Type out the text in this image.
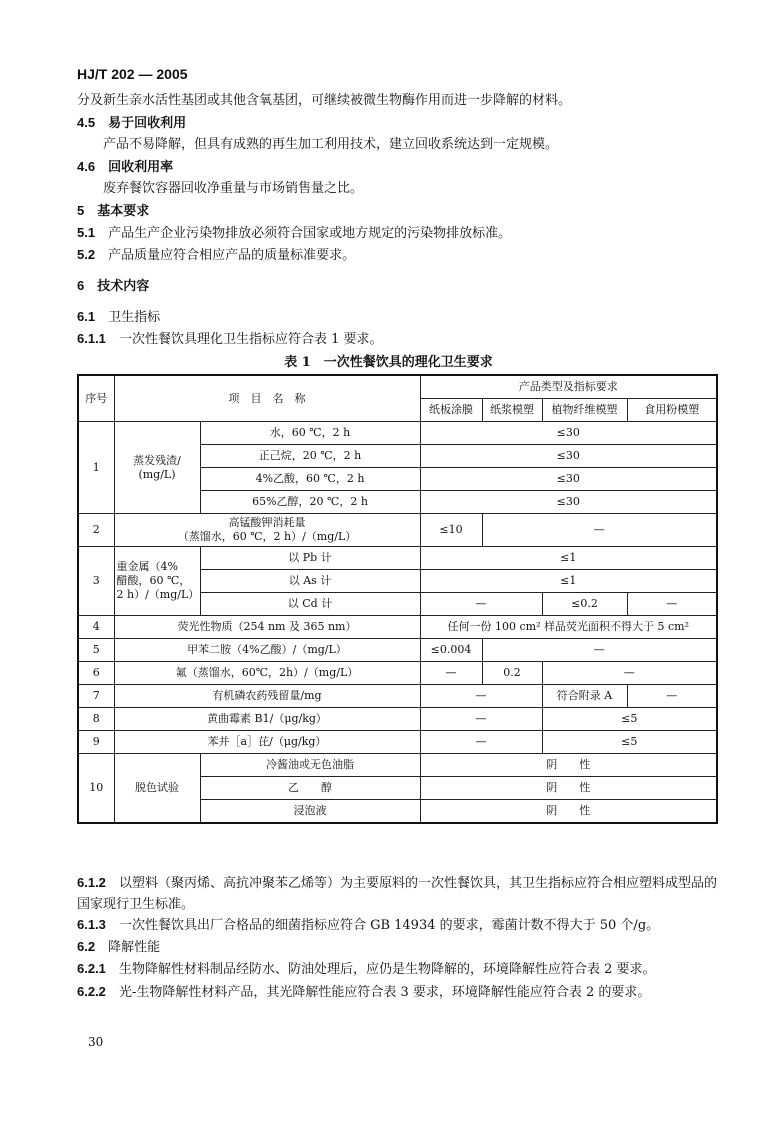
HJ/T 202 — 2005
分及新生亲水活性基团或其他含氧基团，可继续被微生物酶作用而进一步降解的材料。
4.5　 易于回收利用
产品不易降解，但具有成熟的再生加工利用技术，建立回收系统达到一定规模。
4.6　 回收利用率
废弃餐饮容器回收净重量与市场销售量之比。
5　 基本要求
5.1　 产品生产企业污染物排放必须符合国家或地方规定的污染物排放标准。
5.2　 产品质量应符合相应产品的质量标准要求。
6　 技术内容
6.1　 卫生指标
6.1.1　 一次性餐饮具理化卫生指标应符合表 1 要求。
表 1　一次性餐饮具的理化卫生要求
序号	项　目　名　称		产品类型及指标要求			
			纸板涂膜	纸浆模塑	植物纤维模塑	食用粉模塑
1	蒸发残渣/
(mg/L)	水，60 ℃，2 h	≤30			
		正己烷，20 ℃，2 h	≤30			
		4%乙酸，60 ℃，2 h	≤30			
		65%乙醇，20 ℃，2 h	≤30			
2	高锰酸钾消耗量
（蒸馏水，60 ℃，2 h）/（mg/L）		≤10	—		
3	重金属（4%
醋酸，60 ℃，
2 h）/（mg/L）	以 Pb 计	≤1			
		以 As 计	≤1			
		以 Cd 计	—		≤0.2	—
4	荧光性物质（254 nm 及 365 nm）		任何一份 100 cm² 样品荧光面积不得大于 5 cm²			
5	甲苯二胺（4%乙酸）/（mg/L）		≤0.004	—		
6	氟（蒸馏水，60℃，2h）/（mg/L）		—	0.2	—	
7	有机磷农药残留量/mg		—		符合附录 A	—
8	黄曲霉素 B1/（μg/kg）		—		≤5	
9	苯并［a］芘/（μg/kg）		—		≤5	
10	脱色试验	冷酱油或无色油脂	阴　　性			
		乙　　醇	阴　　性			
		浸泡液	阴　　性			
6.1.2　 以塑料（聚丙烯、高抗冲聚苯乙烯等）为主要原料的一次性餐饮具，其卫生指标应符合相应塑料成型品的国家现行卫生标准。
6.1.3　 一次性餐饮具出厂合格品的细菌指标应符合 GB 14934 的要求，霉菌计数不得大于 50 个/g。
6.2　 降解性能
6.2.1　 生物降解性材料制品经防水、防油处理后，应仍是生物降解的，环境降解性应符合表 2 要求。
6.2.2　 光-生物降解性材料产品，其光降解性能应符合表 3 要求，环境降解性能应符合表 2 的要求。
30
